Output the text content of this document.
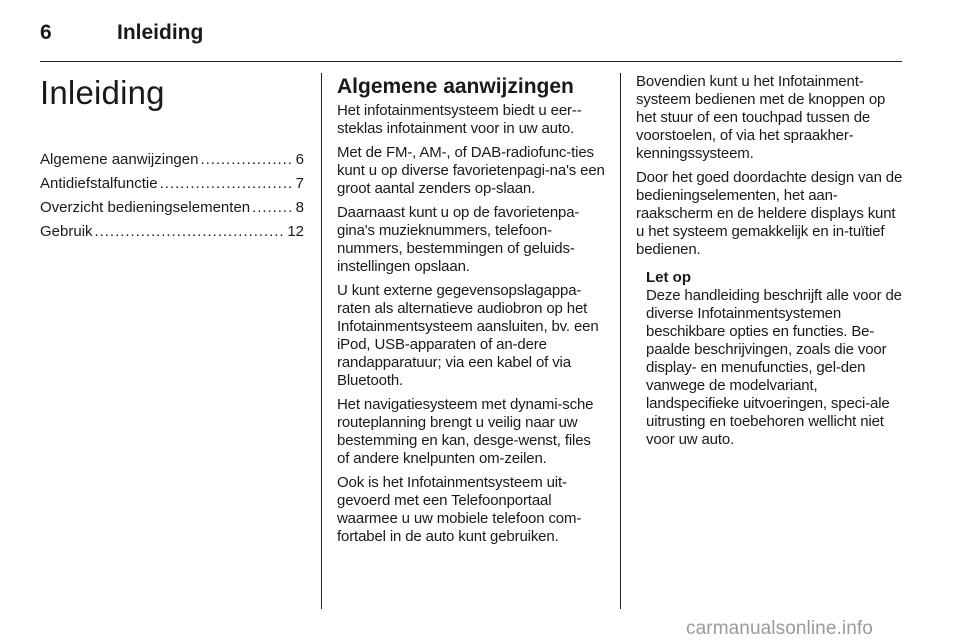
6	Inleiding
Inleiding
Algemene aanwijzingen . . .	6
Antidiefstalfunctie . . .	7
Overzicht bedieningselementen . . .	8
Gebruik . . .	12
Algemene aanwijzingen

Het infotainmentsysteem biedt u eer-steklas infotainment voor in uw auto.

Met de FM-, AM-, of DAB-radiofunc-ties kunt u op diverse favorietenpagi-na's een groot aantal zenders op-slaan.

Daarnaast kunt u op de favorietenpa-gina's muzieknummers, telefoon-nummers, bestemmingen of geluids-instellingen opslaan.

U kunt externe gegevensopslagappa-raten als alternatieve audiobron op het Infotainmentsysteem aansluiten, bv. een iPod, USB-apparaten of an-dere randapparatuur; via een kabel of via Bluetooth.

Het navigatiesysteem met dynami-sche routeplanning brengt u veilig naar uw bestemming en kan, desge-wenst, files of andere knelpunten om-zeilen.

Ook is het Infotainmentsysteem uit-gevoerd met een Telefoonportaal waarmee u uw mobiele telefoon com-fortabel in de auto kunt gebruiken.

Bovendien kunt u het Infotainment-systeem bedienen met de knoppen op het stuur of een touchpad tussen de voorstoelen, of via het spraakher-kenningssysteem.

Door het goed doordachte design van de bedieningselementen, het aan-raakscherm en de heldere displays kunt u het systeem gemakkelijk en in-tuïtief bedienen.

Let op

Deze handleiding beschrijft alle voor de diverse Infotainmentsystemen beschikbare opties en functies. Be-paalde beschrijvingen, zoals die voor display- en menufuncties, gel-den vanwege de modelvariant, landspecifieke uitvoeringen, speci-ale uitrusting en toebehoren wellicht niet voor uw auto.

carmanualsonline.info
